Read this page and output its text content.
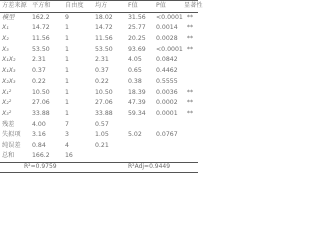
方差来源	平方和	自由度	均方	F值	P值	显著性
模型	162.2	9	18.02	31.56	<0.0001	**
X₁	14.72	1	14.72	25.77	0.0014	**
X₂	11.56	1	11.56	20.25	0.0028	**
X₃	53.50	1	53.50	93.69	<0.0001	**
X₁X₂	2.31	1	2.31	4.05	0.0842	
X₁X₃	0.37	1	0.37	0.65	0.4462	
X₂X₃	0.22	1	0.22	0.38	0.5555	
X₁²	10.50	1	10.50	18.39	0.0036	**
X₂²	27.06	1	27.06	47.39	0.0002	**
X₃²	33.88	1	33.88	59.34	0.0001	**
残差	4.00	7	0.57			
失拟项	3.16	3	1.05	5.02	0.0767	
纯误差	0.84	4	0.21			
总和	166.2	16				
R²=0.9759				R²Adj=0.9449		
